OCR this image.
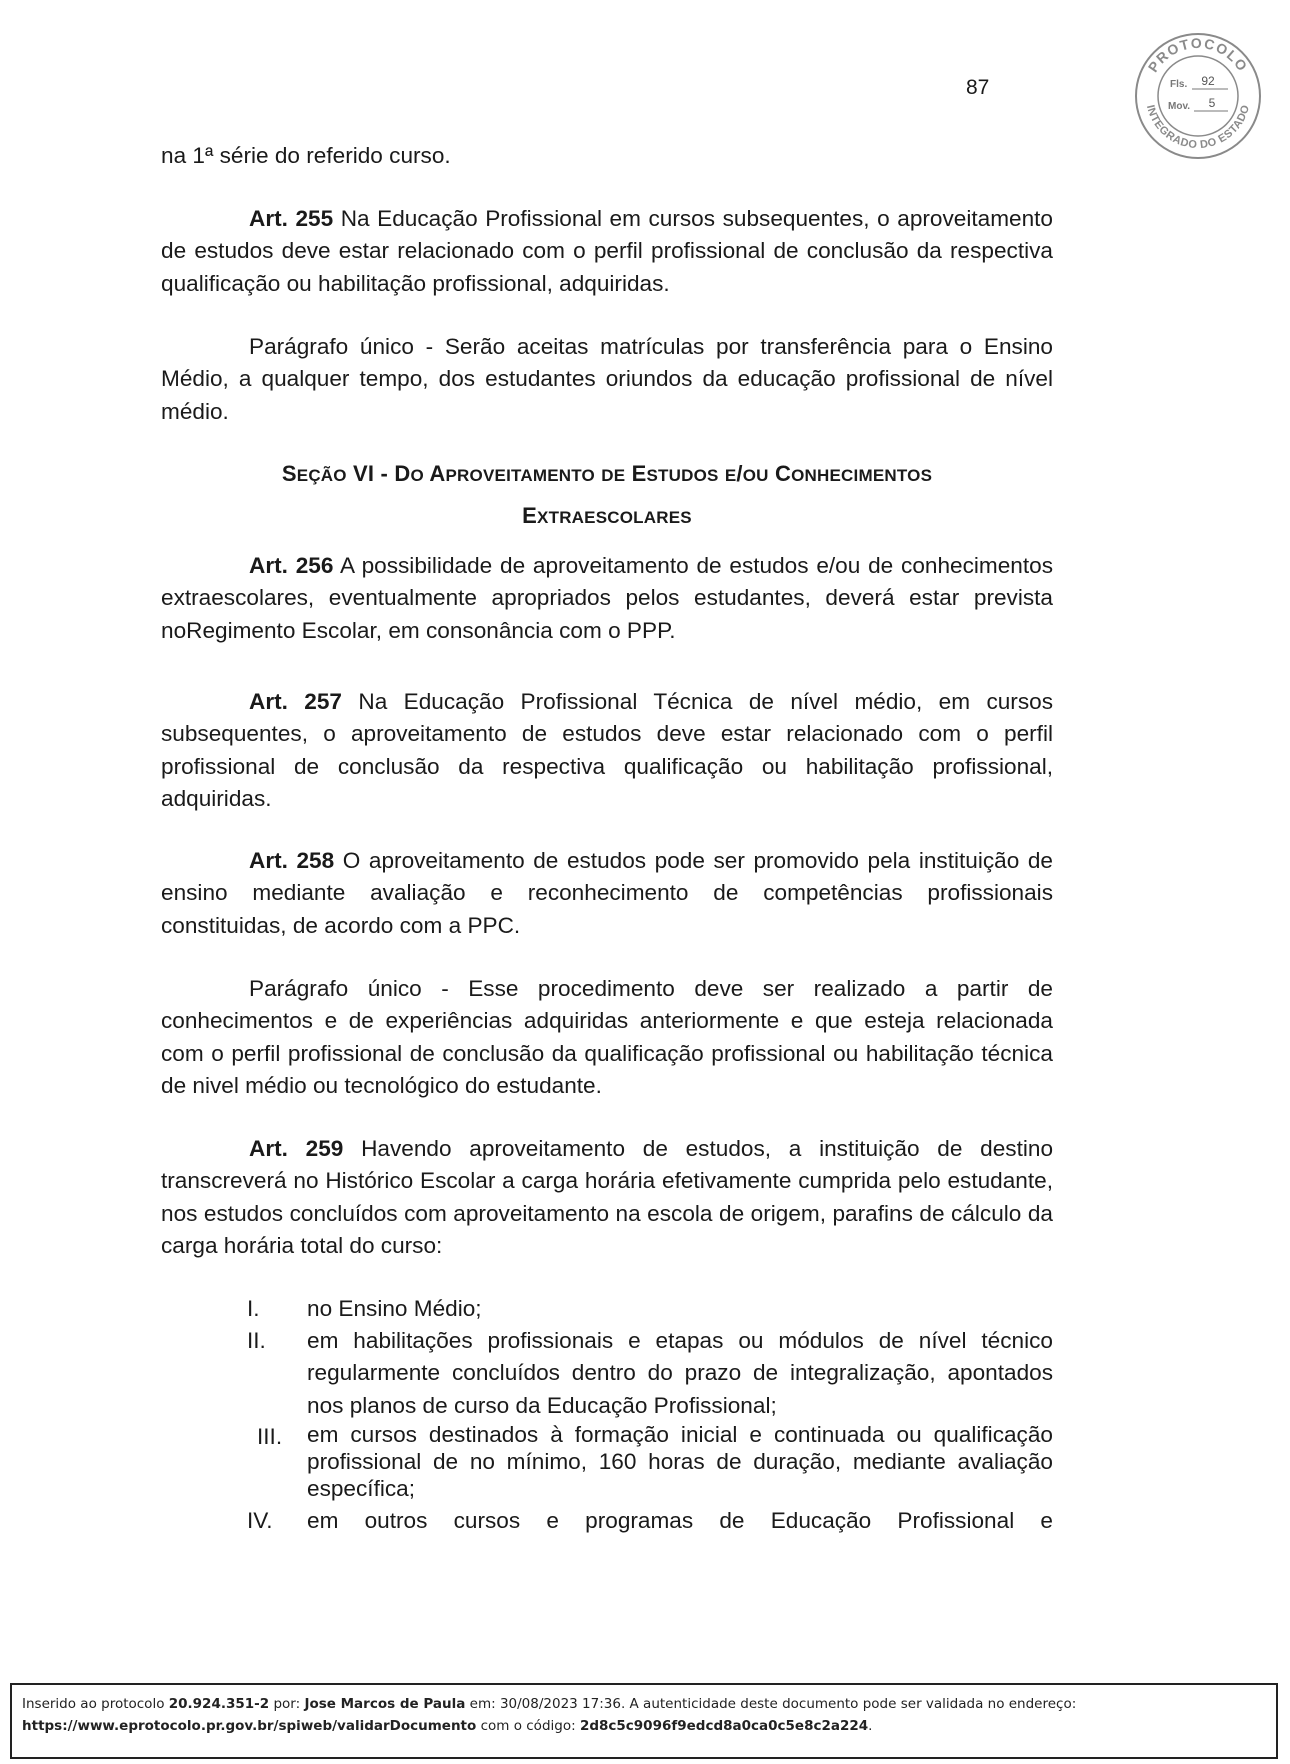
87
PROTOCOLO
INTEGRADO DO ESTADO
Fls. 92
Mov. 5
na 1ª série do referido curso.
Art. 255 Na Educação Profissional em cursos subsequentes, o aproveitamento de estudos deve estar relacionado com o perfil profissional de conclusão da respectiva qualificação ou habilitação profissional, adquiridas.
Parágrafo único - Serão aceitas matrículas por transferência para o Ensino Médio, a qualquer tempo, dos estudantes oriundos da educação profissional de nível médio.
SEÇÃO VI - DO APROVEITAMENTO DE ESTUDOS E/OU CONHECIMENTOS
EXTRAESCOLARES
Art. 256 A possibilidade de aproveitamento de estudos e/ou de conhecimentos extraescolares, eventualmente apropriados pelos estudantes, deverá estar prevista noRegimento Escolar, em consonância com o PPP.
Art. 257 Na Educação Profissional Técnica de nível médio, em cursos subsequentes, o aproveitamento de estudos deve estar relacionado com o perfil profissional de conclusão da respectiva qualificação ou habilitação profissional, adquiridas.
Art. 258 O aproveitamento de estudos pode ser promovido pela instituição de ensino mediante avaliação e reconhecimento de competências profissionais constituidas, de acordo com a PPC.
Parágrafo único - Esse procedimento deve ser realizado a partir de conhecimentos e de experiências adquiridas anteriormente e que esteja relacionada com o perfil profissional de conclusão da qualificação profissional ou habilitação técnica de nivel médio ou tecnológico do estudante.
Art. 259 Havendo aproveitamento de estudos, a instituição de destino transcreverá no Histórico Escolar a carga horária efetivamente cumprida pelo estudante, nos estudos concluídos com aproveitamento na escola de origem, parafins de cálculo da carga horária total do curso:
I. no Ensino Médio;
II. em habilitações profissionais e etapas ou módulos de nível técnico regularmente concluídos dentro do prazo de integralização, apontados nos planos de curso da Educação Profissional;
III. em cursos destinados à formação inicial e continuada ou qualificação profissional de no mínimo, 160 horas de duração, mediante avaliação específica;
IV. em outros cursos e programas de Educação Profissional e
Inserido ao protocolo 20.924.351-2 por: Jose Marcos de Paula em: 30/08/2023 17:36. A autenticidade deste documento pode ser validada no endereço:
https://www.eprotocolo.pr.gov.br/spiweb/validarDocumento com o código: 2d8c5c9096f9edcd8a0ca0c5e8c2a224.
